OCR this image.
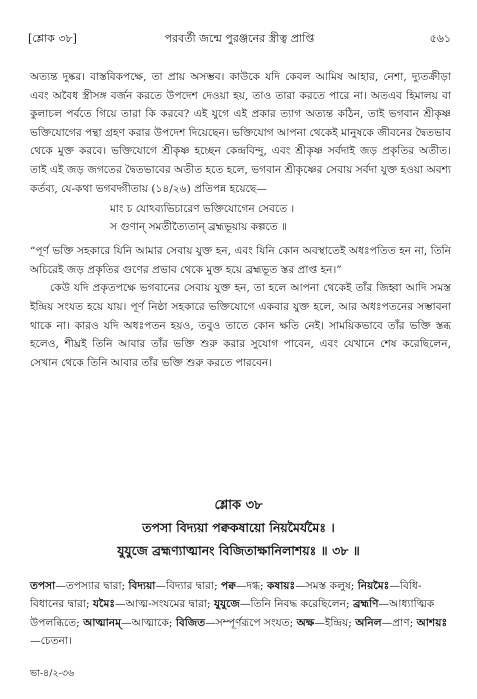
[শ্লোক ৩৮]	পরবর্তী জন্মে পুরঞ্জনের স্ত্রীত্ব প্রাপ্তি	৫৬১

অত্যন্ত দুষ্কর। বাস্তবিকপক্ষে, তা প্রায় অসম্ভব। কাউকে যদি কেবল আমিষ আহার, নেশা, দ্যুতক্রীড়া এবং অবৈধ স্ত্রীসঙ্গ বর্জন করতে উপদেশ দেওয়া হয়, তাও তারা করতে পারে না। অতএব হিমালয় বা কুলাচল পর্বতে গিয়ে তারা কি করবে? এই যুগে এই প্রকার ত্যাগ অত্যন্ত কঠিন, তাই ভগবান শ্রীকৃষ্ণ ভক্তিযোগের পন্থা গ্রহণ করার উপদেশ দিয়েছেন। ভক্তিযোগ আপনা থেকেই মানুষকে জীবনের দ্বৈতভাব থেকে মুক্ত করবে। ভক্তিযোগে শ্রীকৃষ্ণ হচ্ছেন কেন্দ্রবিন্দু, এবং শ্রীকৃষ্ণ সর্বদাই জড় প্রকৃতির অতীত। তাই এই জড় জগতের দ্বৈতভাবের অতীত হতে হলে, ভগবান শ্রীকৃষ্ণের সেবায় সর্বদা যুক্ত হওয়া অবশ্য কর্তব্য, যে-কথা ভগবদ্গীতায় (১৪/২৬) প্রতিপন্ন হয়েছে—

মাং চ যোঽব্যভিচারেণ ভক্তিযোগেন সেবতে ।
স গুণান্ সমতীত্যৈতান্ ব্রহ্মভূয়ায় কল্পতে ॥

“পূর্ণ ভক্তি সহকারে যিনি আমার সেবায় যুক্ত হন, এবং যিনি কোন অবস্থাতেই অধঃপতিত হন না, তিনি অচিরেই জড় প্রকৃতির গুণের প্রভাব থেকে মুক্ত হয়ে ব্রহ্মভূত স্তর প্রাপ্ত হন।”

কেউ যদি প্রকৃতপক্ষে ভগবানের সেবায় যুক্ত হন, তা হলে আপনা থেকেই তাঁর জিহ্বা আদি সমস্ত ইন্দ্রিয় সংযত হয়ে যায়। পূর্ণ নিষ্ঠা সহকারে ভক্তিযোগে একবার যুক্ত হলে, আর অধঃপতনের সম্ভাবনা থাকে না। কারও যদি অধঃপতন হয়ও, তবুও তাতে কোন ক্ষতি নেই। সাময়িকভাবে তাঁর ভক্তি স্তব্ধ হলেও, শীঘ্রই তিনি আবার তাঁর ভক্তি শুরু করার সুযোগ পাবেন, এবং যেখানে শেষ করেছিলেন, সেখান থেকে তিনি আবার তাঁর ভক্তি শুরু করতে পারবেন।

শ্লোক ৩৮
তপসা বিদ্যয়া পক্বকষায়ো নিয়মৈর্যমৈঃ ।
যুযুজে ব্রহ্মণ্যাত্মানং বিজিতাক্ষানিলাশয়ঃ ॥ ৩৮ ॥
তপসা—তপস্যার দ্বারা; বিদ্যয়া—বিদ্যার দ্বারা; পক্ব—দগ্ধ; কষায়ঃ—সমস্ত কলুষ; নিয়মৈঃ—বিধি-বিধানের দ্বারা; যমৈঃ—আত্ম-সংযমের দ্বারা; যুযুজে—তিনি নিবদ্ধ করেছিলেন; ব্রহ্মণি—আধ্যাত্মিক উপলব্ধিতে; আত্মানম্—আত্মাকে; বিজিত—সম্পূর্ণরূপে সংযত; অক্ষ—ইন্দ্রিয়; অনিল—প্রাণ; আশয়ঃ—চেতনা।
ভা-৪/২-৩৬
